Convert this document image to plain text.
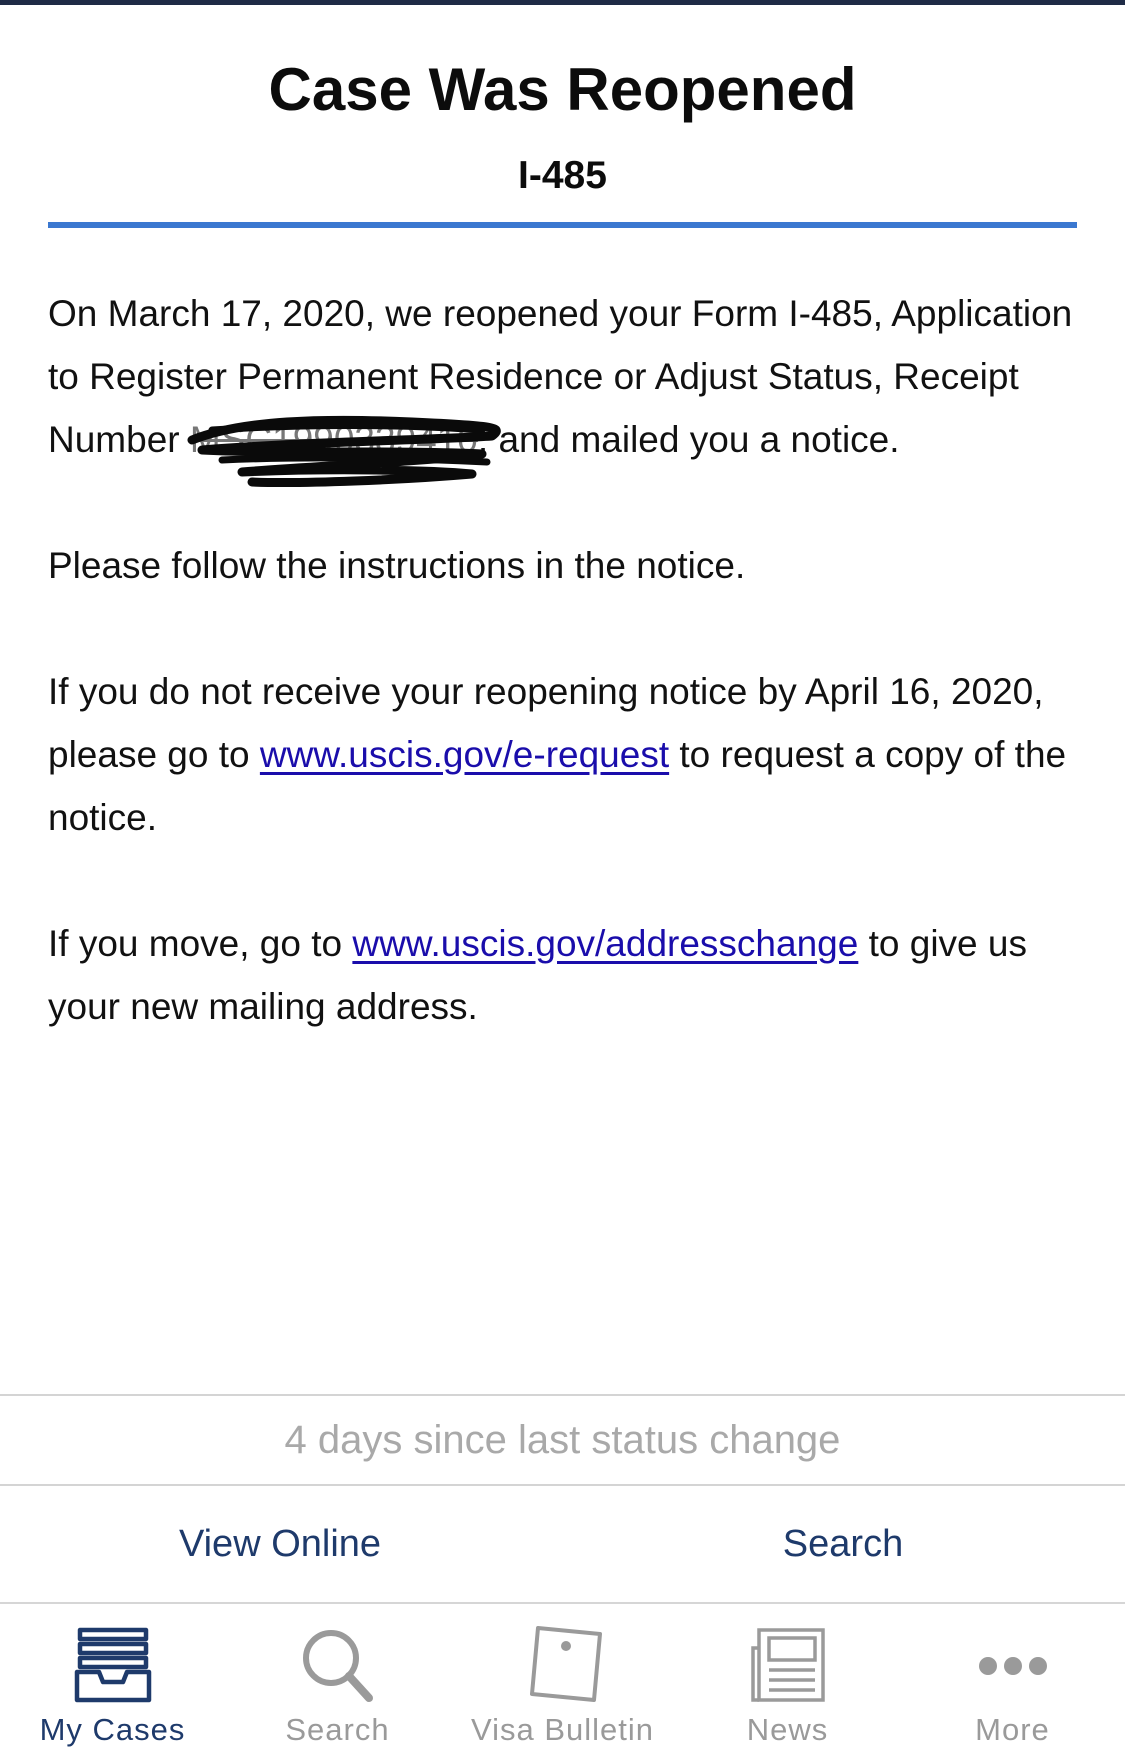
Case Was Reopened
I-485

On March 17, 2020, we reopened your Form I-485, Application to Register Permanent Residence or Adjust Status, Receipt Number MSC1990339410
, and mailed you a notice.

Please follow the instructions in the notice.

If you do not receive your reopening notice by April 16, 2020, please go to www.uscis.gov/e-request to request a copy of the notice.

If you move, go to www.uscis.gov/addresschange to give us your new mailing address.

4 days since last status change
View Online	Search
My Cases	Search	Visa Bulletin	News	More
